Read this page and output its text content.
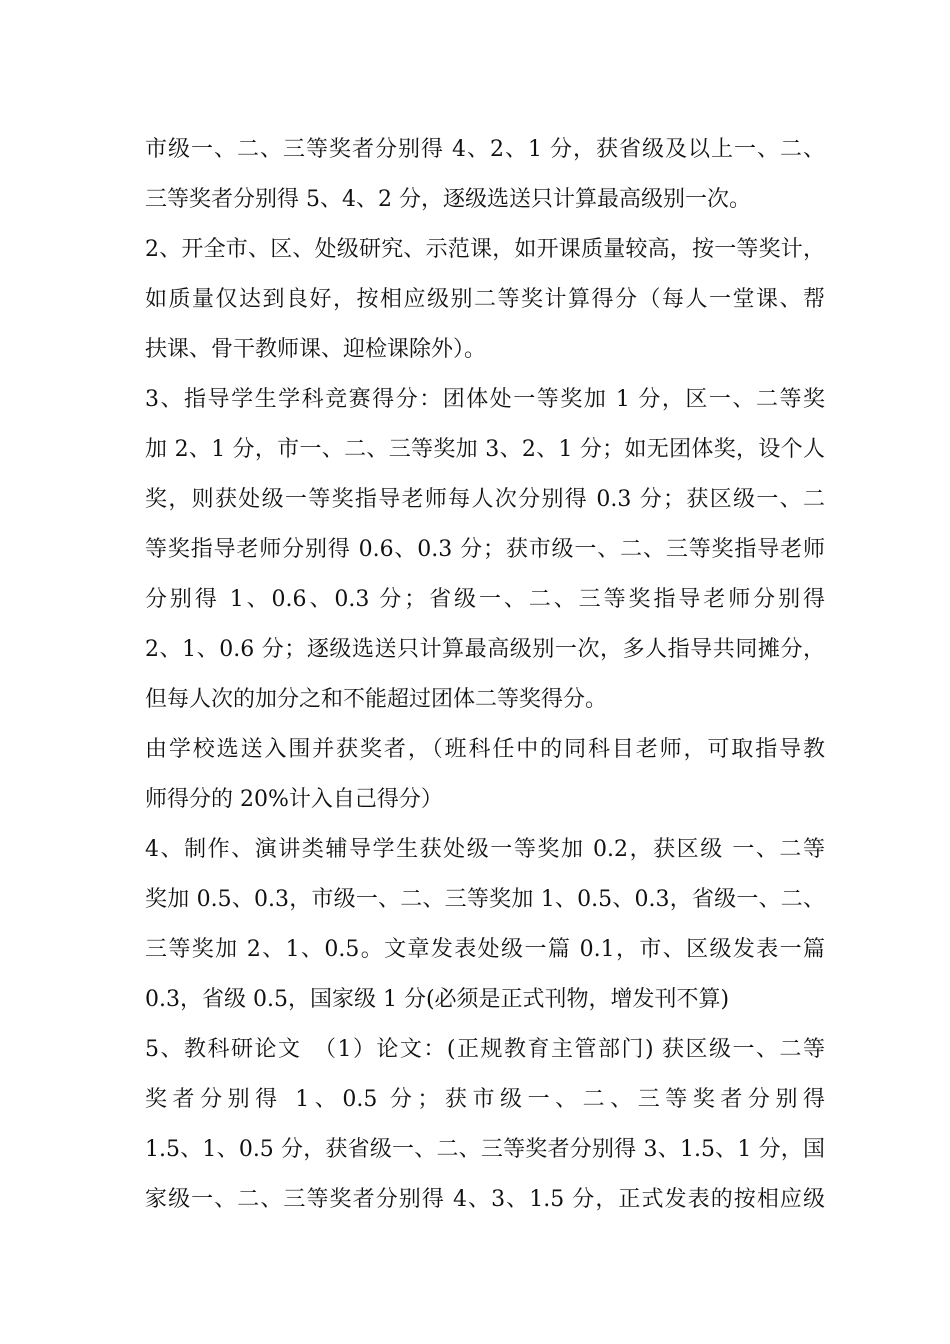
市级一、二、三等奖者分别得 4、2、1 分，获省级及以上一、二、
三等奖者分别得 5、4、2 分，逐级选送只计算最高级别一次。
2、开全市、区、处级研究、示范课，如开课质量较高，按一等奖计，
如质量仅达到良好，按相应级别二等奖计算得分（每人一堂课、帮
扶课、骨干教师课、迎检课除外）。
3、指导学生学科竞赛得分：团体处一等奖加 1 分，区一、二等奖
加 2、1 分，市一、二、三等奖加 3、2、1 分；如无团体奖，设个人
奖，则获处级一等奖指导老师每人次分别得 0.3 分；获区级一、二
等奖指导老师分别得 0.6、0.3 分；获市级一、二、三等奖指导老师
分别得 1、0.6、0.3 分；省级一、二、三等奖指导老师分别得
2、1、0.6 分；逐级选送只计算最高级别一次，多人指导共同摊分，
但每人次的加分之和不能超过团体二等奖得分。
由学校选送入围并获奖者，（班科任中的同科目老师，可取指导教
师得分的 20%计入自己得分）
4、制作、演讲类辅导学生获处级一等奖加 0.2，获区级 一、二等
奖加 0.5、0.3，市级一、二、三等奖加 1、0.5、0.3，省级一、二、
三等奖加 2、1、0.5。文章发表处级一篇 0.1，市、区级发表一篇
0.3，省级 0.5，国家级 1 分(必须是正式刊物，增发刊不算)
5、教科研论文　（1）论文：(正规教育主管部门) 获区级一、二等
奖者分别得 1、0.5 分；获市级一、二、三等奖者分别得
1.5、1、0.5 分，获省级一、二、三等奖者分别得 3、1.5、1 分，国
家级一、二、三等奖者分别得 4、3、1.5 分，正式发表的按相应级
